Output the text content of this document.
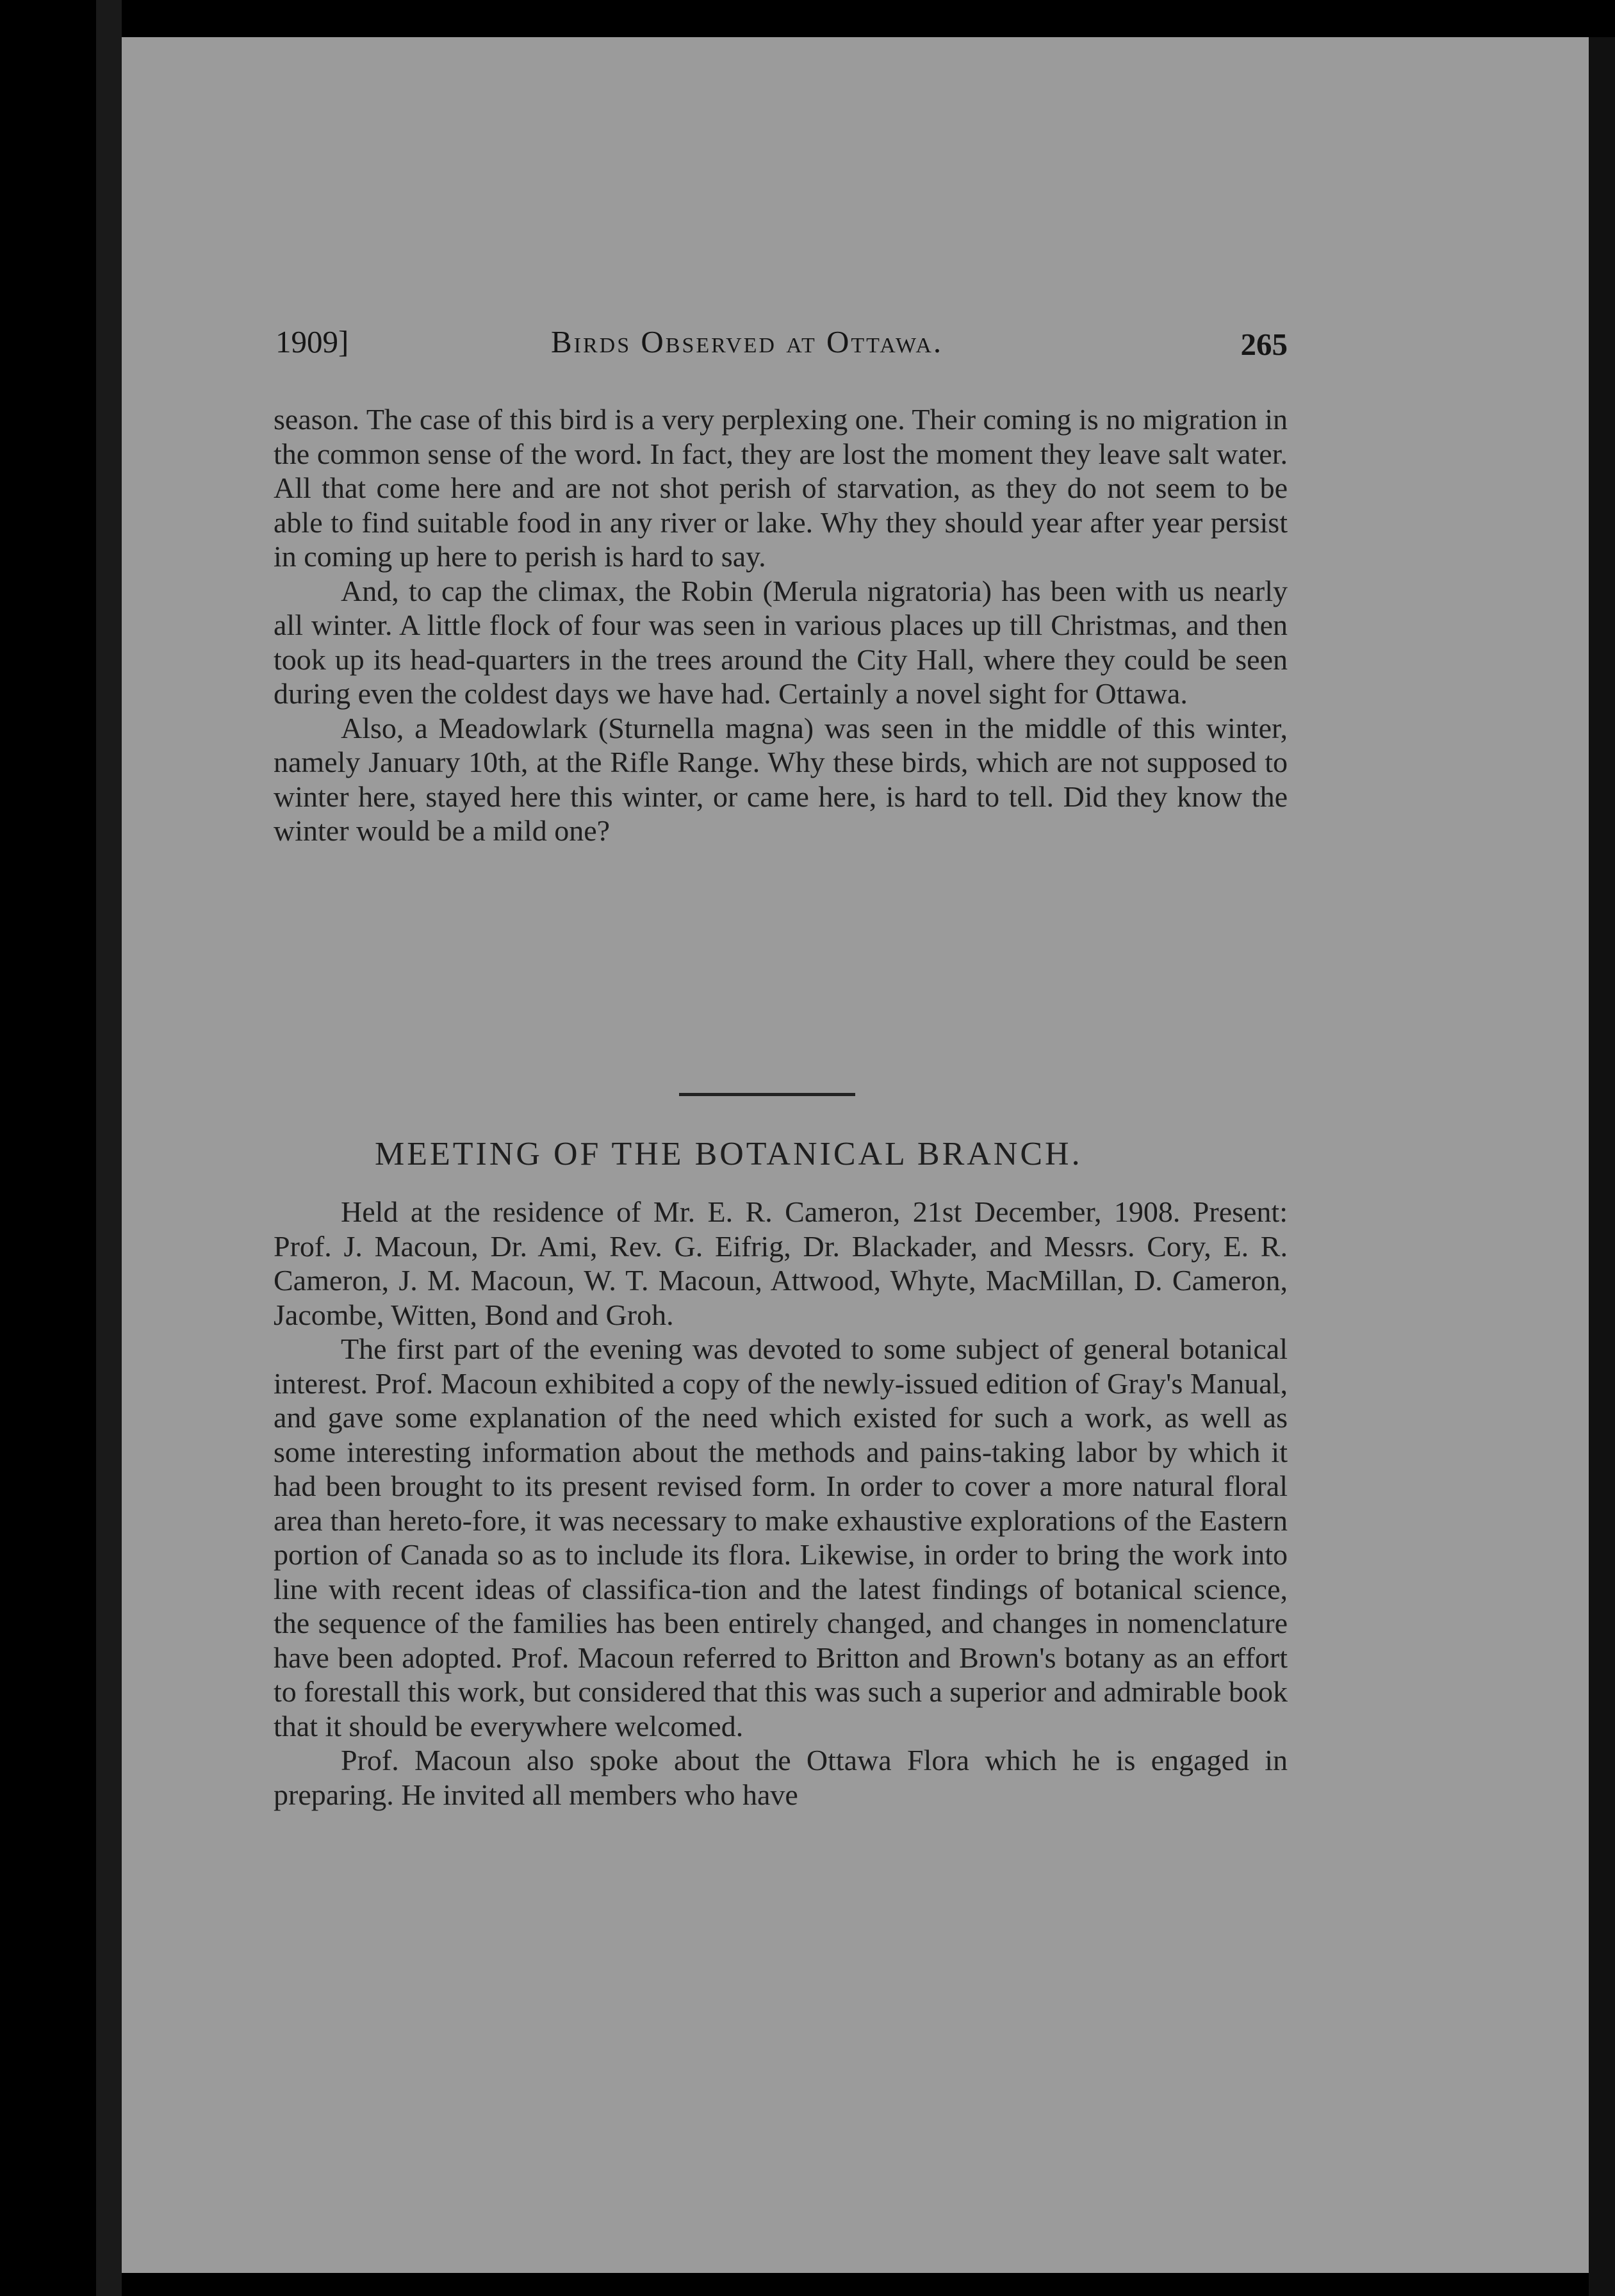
1909]	Birds Observed at Ottawa.	265

season. The case of this bird is a very perplexing one. Their coming is no migration in the common sense of the word. In fact, they are lost the moment they leave salt water. All that come here and are not shot perish of starvation, as they do not seem to be able to find suitable food in any river or lake. Why they should year after year persist in coming up here to perish is hard to say.

And, to cap the climax, the Robin (Merula nigratoria) has been with us nearly all winter. A little flock of four was seen in various places up till Christmas, and then took up its head-quarters in the trees around the City Hall, where they could be seen during even the coldest days we have had. Certainly a novel sight for Ottawa.

Also, a Meadowlark (Sturnella magna) was seen in the middle of this winter, namely January 10th, at the Rifle Range. Why these birds, which are not supposed to winter here, stayed here this winter, or came here, is hard to tell. Did they know the winter would be a mild one?

MEETING OF THE BOTANICAL BRANCH.

Held at the residence of Mr. E. R. Cameron, 21st December, 1908. Present: Prof. J. Macoun, Dr. Ami, Rev. G. Eifrig, Dr. Blackader, and Messrs. Cory, E. R. Cameron, J. M. Macoun, W. T. Macoun, Attwood, Whyte, MacMillan, D. Cameron, Jacombe, Witten, Bond and Groh.

The first part of the evening was devoted to some subject of general botanical interest. Prof. Macoun exhibited a copy of the newly-issued edition of Gray's Manual, and gave some explanation of the need which existed for such a work, as well as some interesting information about the methods and pains-taking labor by which it had been brought to its present revised form. In order to cover a more natural floral area than hereto-fore, it was necessary to make exhaustive explorations of the Eastern portion of Canada so as to include its flora. Likewise, in order to bring the work into line with recent ideas of classifica-tion and the latest findings of botanical science, the sequence of the families has been entirely changed, and changes in nomenclature have been adopted. Prof. Macoun referred to Britton and Brown's botany as an effort to forestall this work, but considered that this was such a superior and admirable book that it should be everywhere welcomed.

Prof. Macoun also spoke about the Ottawa Flora which he is engaged in preparing. He invited all members who have
